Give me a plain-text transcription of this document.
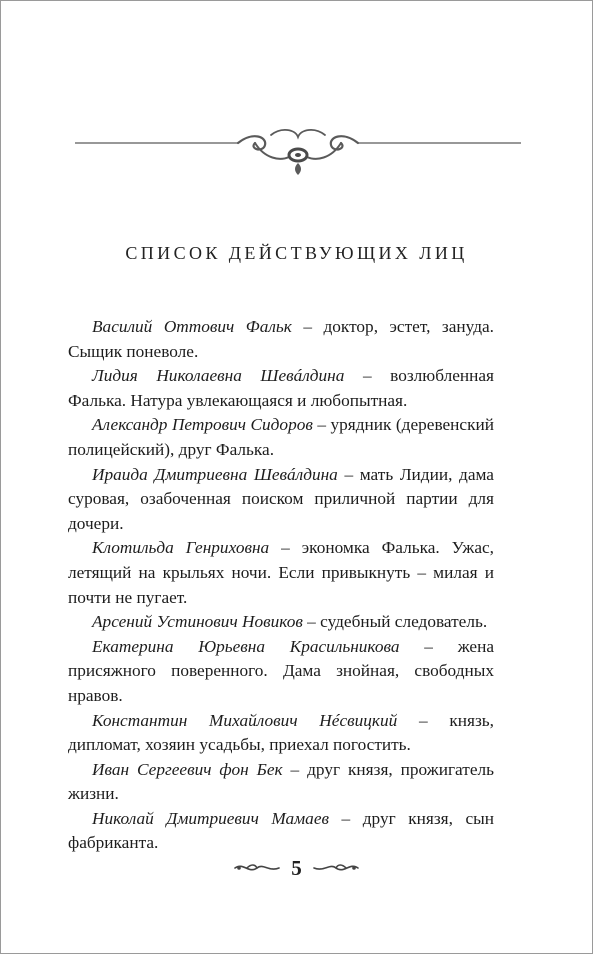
СПИСОК ДЕЙСТВУЮЩИХ ЛИЦ

Василий Оттович Фальк – доктор, эстет, зануда. Сыщик поневоле.

Лидия Николаевна Шевáлдина – возлюбленная Фалька. Натура увлекающаяся и любопытная.

Александр Петрович Сидоров – урядник (деревенский полицейский), друг Фалька.

Ираида Дмитриевна Шевáлдина – мать Лидии, дама суровая, озабоченная поиском приличной партии для дочери.

Клотильда Генриховна – экономка Фалька. Ужас, летящий на крыльях ночи. Если привыкнуть – милая и почти не пугает.

Арсений Устинович Новиков – судебный следователь.

Екатерина Юрьевна Красильникова – жена присяжного поверенного. Дама знойная, свободных нравов.

Константин Михайлович Нéсвицкий – князь, дипломат, хозяин усадьбы, приехал погостить.

Иван Сергеевич фон Бек – друг князя, прожигатель жизни.

Николай Дмитриевич Мамаев – друг князя, сын фабриканта.

5
